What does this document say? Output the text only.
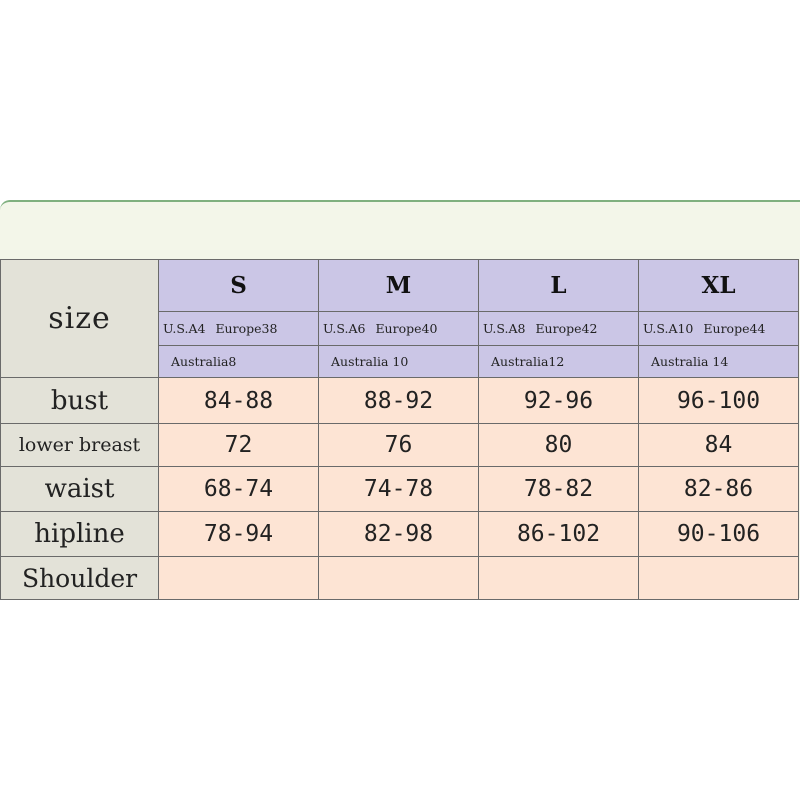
size	S	M	L	XL
	U.S.A4 Europe38	U.S.A6 Europe40	U.S.A8 Europe42	U.S.A10 Europe44
	Australia8	Australia 10	Australia12	Australia 14
bust	84-88	88-92	92-96	96-100
lower breast	72	76	80	84
waist	68-74	74-78	78-82	82-86
hipline	78-94	82-98	86-102	90-106
Shoulder				
